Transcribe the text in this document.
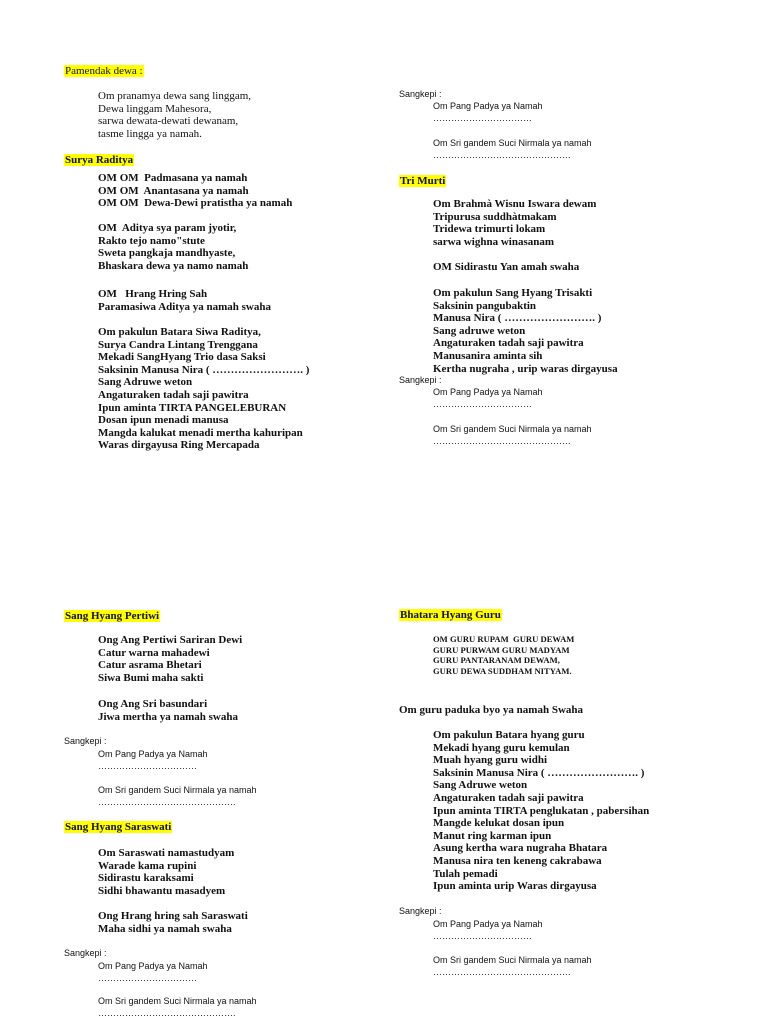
Pamendak dewa :
Om pranamya dewa sang linggam,
Dewa linggam Mahesora,
sarwa dewata-dewati dewanam,
tasme lingga ya namah.
Surya Raditya
OM OM  Padmasana ya namah
OM OM  Anantasana ya namah
OM OM  Dewa-Dewi pratistha ya namah
OM  Aditya sya param jyotir,
Rakto tejo namo"stute
Sweta pangkaja mandhyaste,
Bhaskara dewa ya namo namah
OM   Hrang Hring Sah
Paramasiwa Aditya ya namah swaha
Om pakulun Batara Siwa Raditya,
Surya Candra Lintang Trenggana
Mekadi SangHyang Trio dasa Saksi
Saksinin Manusa Nira ( ……………………. )
Sang Adruwe weton
Angaturaken tadah saji pawitra
Ipun aminta TIRTA PANGELEBURAN
Dosan ipun menadi manusa
Mangda kalukat menadi mertha kahuripan
Waras dirgayusa Ring Mercapada
Sang Hyang Pertiwi
Ong Ang Pertiwi Sariran Dewi
Catur warna mahadewi
Catur asrama Bhetari
Siwa Bumi maha sakti
Ong Ang Sri basundari
Jiwa mertha ya namah swaha
Sangkepi :
Om Pang Padya ya Namah
……………………………
Om Sri gandem Suci Nirmala ya namah
……………………………………….
Sang Hyang Saraswati
Om Saraswati namastudyam
Warade kama rupini
Sidirastu karaksami
Sidhi bhawantu masadyem
Ong Hrang hring sah Saraswati
Maha sidhi ya namah swaha
Sangkepi :
Om Pang Padya ya Namah
……………………………
Om Sri gandem Suci Nirmala ya namah
……………………………………….
Sangkepi :
Om Pang Padya ya Namah
……………………………
Om Sri gandem Suci Nirmala ya namah
……………………………………….
Tri Murti
Om Brahmà Wisnu Iswara dewam
Tripurusa suddhàtmakam
Tridewa trimurti lokam
sarwa wighna winasanam
OM Sidirastu Yan amah swaha
Om pakulun Sang Hyang Trisakti
Saksinin pangubaktin
Manusa Nira ( ……………………. )
Sang adruwe weton
Angaturaken tadah saji pawitra
Manusanira aminta sih
Kertha nugraha , urip waras dirgayusa
Sangkepi :
Om Pang Padya ya Namah
……………………………
Om Sri gandem Suci Nirmala ya namah
……………………………………….
Bhatara Hyang Guru
OM GURU RUPAM  GURU DEWAM
GURU PURWAM GURU MADYAM
GURU PANTARANAM DEWAM,
GURU DEWA SUDDHAM NITYAM.
Om guru paduka byo ya namah Swaha
Om pakulun Batara hyang guru
Mekadi hyang guru kemulan
Muah hyang guru widhi
Saksinin Manusa Nira ( ……………………. )
Sang Adruwe weton
Angaturaken tadah saji pawitra
Ipun aminta TIRTA penglukatan , pabersihan
Mangde kelukat dosan ipun
Manut ring karman ipun
Asung kertha wara nugraha Bhatara
Manusa nira ten keneng cakrabawa
Tulah pemadi
Ipun aminta urip Waras dirgayusa
Sangkepi :
Om Pang Padya ya Namah
……………………………
Om Sri gandem Suci Nirmala ya namah
……………………………………….
